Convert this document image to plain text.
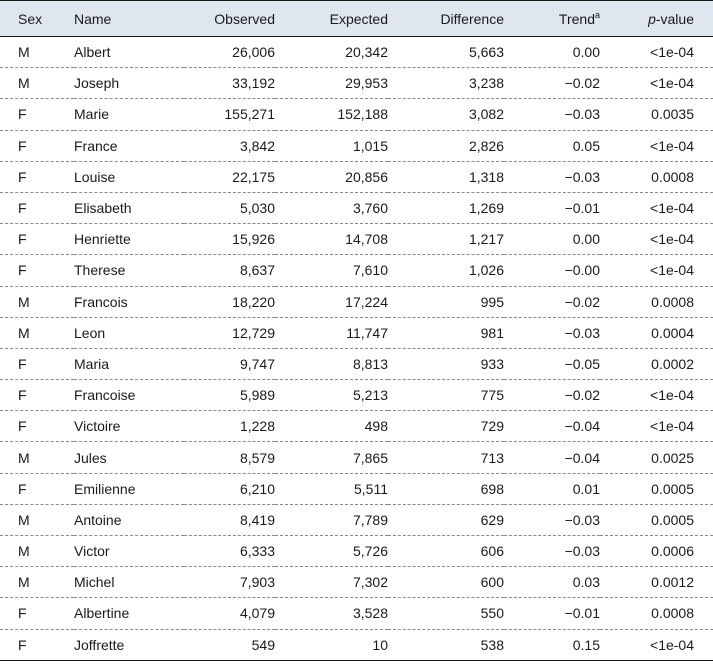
Sex	Name	Observed	Expected	Difference	Trend$^a$	p-value
M	Albert	26,006	20,342	5,663	0.00	<1e-04
M	Joseph	33,192	29,953	3,238	−0.02	<1e-04
F	Marie	155,271	152,188	3,082	−0.03	0.0035
F	France	3,842	1,015	2,826	0.05	<1e-04
F	Louise	22,175	20,856	1,318	−0.03	0.0008
F	Elisabeth	5,030	3,760	1,269	−0.01	<1e-04
F	Henriette	15,926	14,708	1,217	0.00	<1e-04
F	Therese	8,637	7,610	1,026	−0.00	<1e-04
M	Francois	18,220	17,224	995	−0.02	0.0008
M	Leon	12,729	11,747	981	−0.03	0.0004
F	Maria	9,747	8,813	933	−0.05	0.0002
F	Francoise	5,989	5,213	775	−0.02	<1e-04
F	Victoire	1,228	498	729	−0.04	<1e-04
M	Jules	8,579	7,865	713	−0.04	0.0025
F	Emilienne	6,210	5,511	698	0.01	0.0005
M	Antoine	8,419	7,789	629	−0.03	0.0005
M	Victor	6,333	5,726	606	−0.03	0.0006
M	Michel	7,903	7,302	600	0.03	0.0012
F	Albertine	4,079	3,528	550	−0.01	0.0008
F	Joffrette	549	10	538	0.15	<1e-04
